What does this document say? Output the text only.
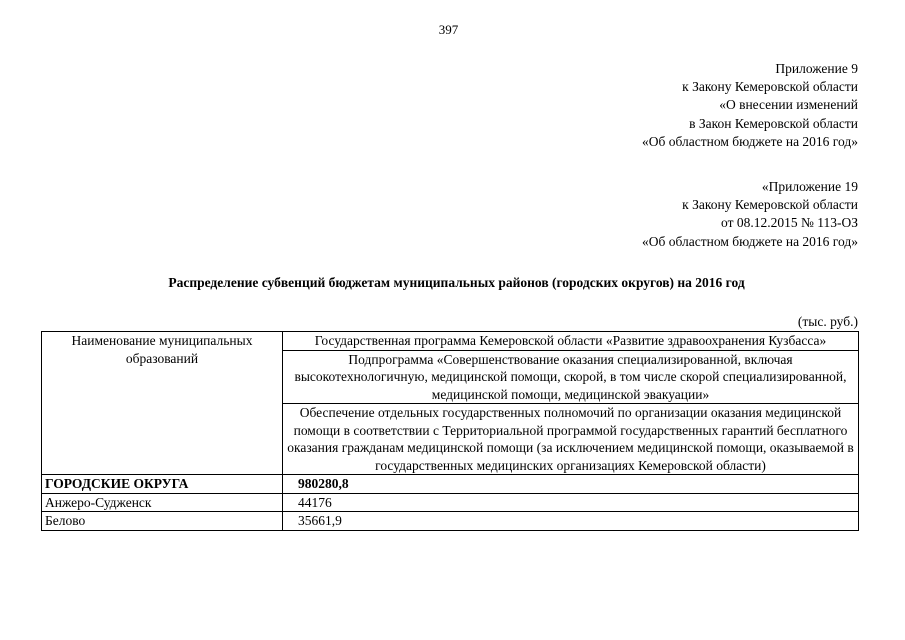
397
Приложение 9
к Закону Кемеровской области
«О внесении изменений
в Закон Кемеровской области
«Об областном бюджете на 2016 год»
«Приложение 19
к Закону Кемеровской области
от 08.12.2015 № 113-ОЗ
«Об областном бюджете на 2016 год»
Распределение субвенций бюджетам муниципальных районов (городских округов) на 2016 год
(тыс. руб.)
Наименование муниципальных образований	Государственная программа Кемеровской области «Развитие здравоохранения Кузбасса»
	Подпрограмма «Совершенствование оказания специализированной, включая высокотехнологичную, медицинской помощи, скорой, в том числе скорой специализированной, медицинской помощи, медицинской эвакуации»
	Обеспечение отдельных государственных полномочий по организации оказания медицинской помощи в соответствии с Территориальной программой государственных гарантий бесплатного оказания гражданам медицинской помощи (за исключением медицинской помощи, оказываемой в государственных медицинских организациях Кемеровской области)
ГОРОДСКИЕ ОКРУГА	980280,8
Анжеро-Судженск	44176
Белово	35661,9
